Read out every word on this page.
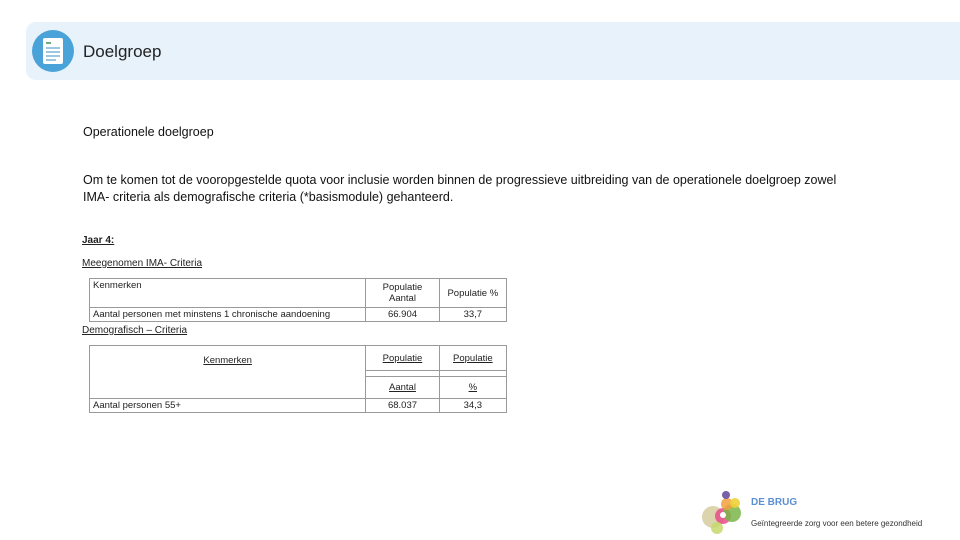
Doelgroep
Operationele doelgroep
Om te komen tot de vooropgestelde quota voor inclusie worden binnen de progressieve uitbreiding van de operationele doelgroep zowel IMA- criteria als demografische criteria (*basismodule) gehanteerd.
Jaar 4:
Meegenomen IMA- Criteria
Kenmerken	Populatie Aantal	Populatie %
Aantal personen met minstens 1 chronische aandoening	66.904	33,7
Demografisch – Criteria
Kenmerken	Populatie	Populatie

	Aantal	%
Aantal personen 55+	68.037	34,3
DE BRUG
Geïntegreerde zorg voor een betere gezondheid
